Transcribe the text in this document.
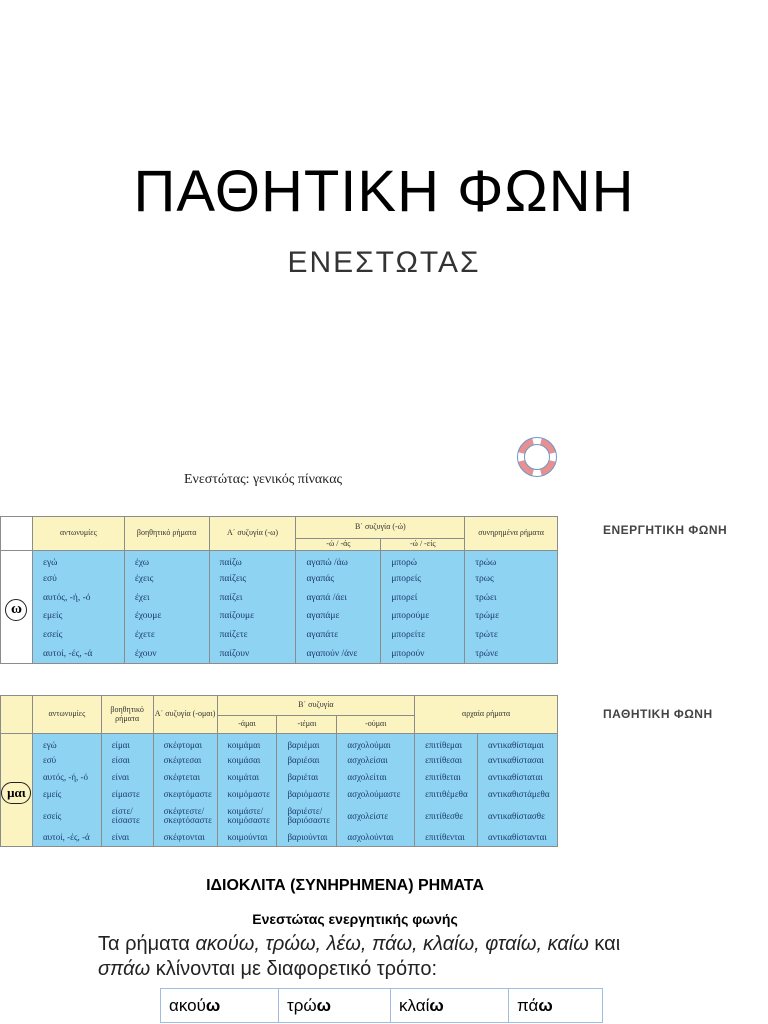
ΠΑΘΗΤΙΚΗ ΦΩΝΗ
ΕΝΕΣΤΩΤΑΣ
Ενεστώτας: γενικός πίνακας
ΕΝΕΡΓΗΤΙΚΗ ΦΩΝΗ
ΠΑΘΗΤΙΚΗ ΦΩΝΗ
	αντωνυμίες	βοηθητικό ρήματα	Α΄ συζυγία (-ω)	Β΄ συζυγία (-ώ)		συνηρημένα ρήματα
				-ώ / -άς	-ώ / -είς	
ω	εγώ	έχω	παίζω	αγαπώ /άω	μπορώ	τρώω
	εσύ	έχεις	παίζεις	αγαπάς	μπορείς	τρως
	αυτός, -ή, -ό	έχει	παίζει	αγαπά /άει	μπορεί	τρώει
	εμείς	έχουμε	παίζουμε	αγαπάμε	μπορούμε	τρώμε
	εσείς	έχετε	παίζετε	αγαπάτε	μπορείτε	τρώτε
	αυτοί, -ές, -ά	έχουν	παίζουν	αγαπούν /άνε	μπορούν	τρώνε
	αντωνυμίες	βοηθητικό ρήματα	Α΄ συζυγία (-ομαι)	Β΄ συζυγία			αρχαία ρήματα	
				-άμαι	-ιέμαι	-ούμαι		
μαι	εγώ	είμαι	σκέφτομαι	κοιμάμαι	βαριέμαι	ασχολούμαι	επιτίθεμαι	αντικαθίσταμαι
	εσύ	είσαι	σκέφτεσαι	κοιμάσαι	βαριέσαι	ασχολείσαι	επιτίθεσαι	αντικαθίστασαι
	αυτός, -ή, -ό	είναι	σκέφτεται	κοιμάται	βαριέται	ασχολείται	επιτίθεται	αντικαθίσταται
	εμείς	είμαστε	σκεφτόμαστε	κοιμόμαστε	βαριόμαστε	ασχολούμαστε	επιτιθέμεθα	αντικαθιστάμεθα
	εσείς	είστε/ είσαστε	σκέφτεστε/ σκεφτόσαστε	κοιμάστε/ κοιμόσαστε	βαριέστε/ βαριόσαστε	ασχολείστε	επιτίθεσθε	αντικαθίστασθε
	αυτοί, -ές, -ά	είναι	σκέφτονται	κοιμούνται	βαριούνται	ασχολούνται	επιτίθενται	αντικαθίστανται
ΙΔΙΟΚΛΙΤΑ (ΣΥΝΗΡΗΜΕΝΑ) ΡΗΜΑΤΑ
Ενεστώτας ενεργητικής φωνής
Τα ρήματα ακούω, τρώω, λέω, πάω, κλαίω, φταίω, καίω και
σπάω κλίνονται με διαφορετικό τρόπο:
ακούω	τρώω	κλαίω	πάω
